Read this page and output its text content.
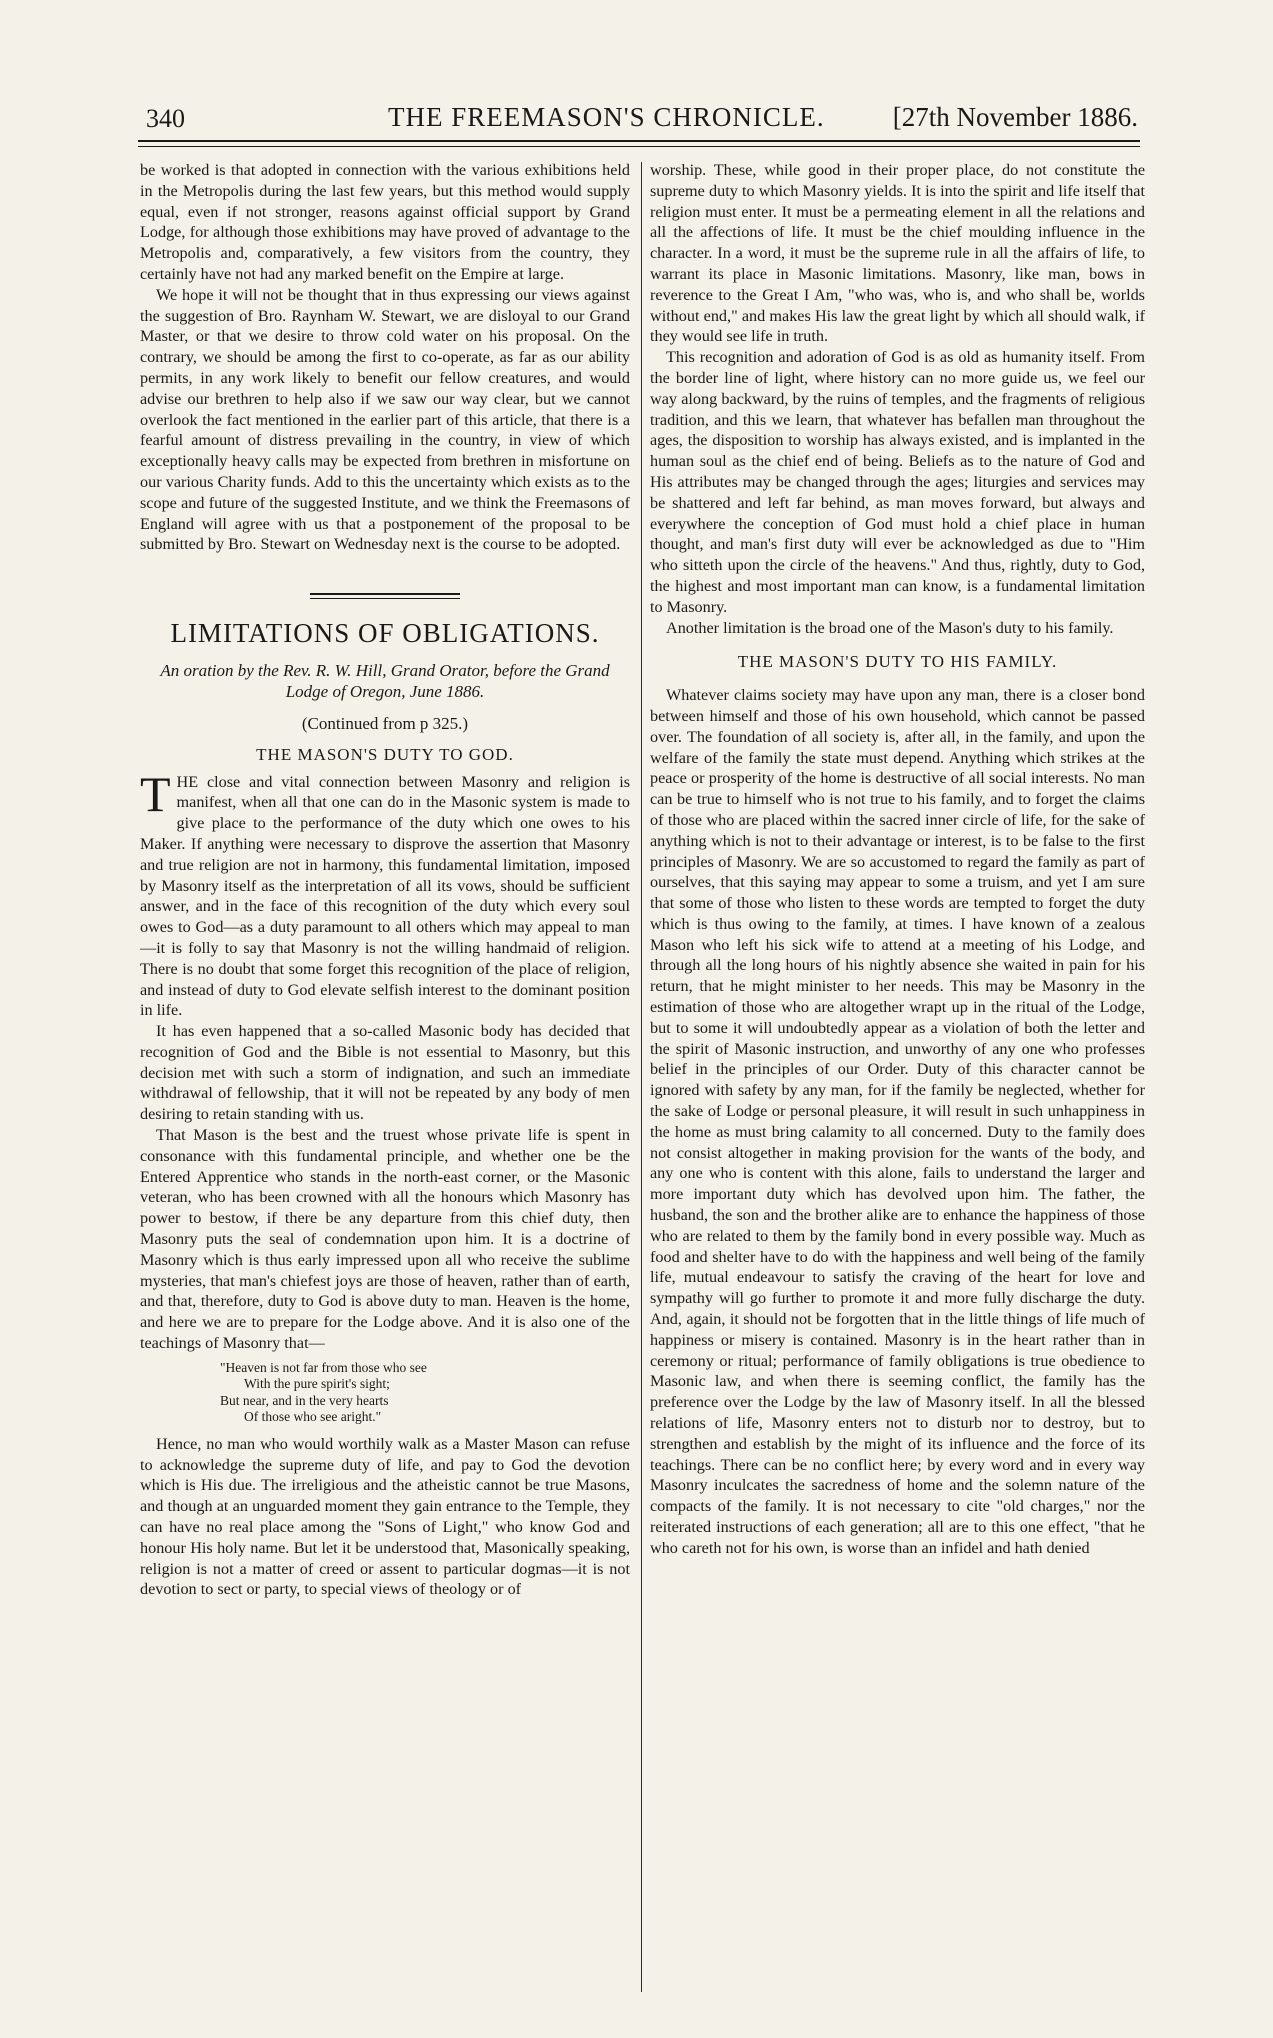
340	THE FREEMASON'S CHRONICLE.	[27th November 1886.

be worked is that adopted in connection with the various exhibitions held in the Metropolis during the last few years, but this method would supply equal, even if not stronger, reasons against official support by Grand Lodge, for although those exhibitions may have proved of advantage to the Metropolis and, comparatively, a few visitors from the country, they certainly have not had any marked benefit on the Empire at large.

We hope it will not be thought that in thus expressing our views against the suggestion of Bro. Raynham W. Stewart, we are disloyal to our Grand Master, or that we desire to throw cold water on his proposal. On the contrary, we should be among the first to co-operate, as far as our ability permits, in any work likely to benefit our fellow creatures, and would advise our brethren to help also if we saw our way clear, but we cannot overlook the fact mentioned in the earlier part of this article, that there is a fearful amount of distress prevailing in the country, in view of which exceptionally heavy calls may be expected from brethren in misfortune on our various Charity funds. Add to this the uncertainty which exists as to the scope and future of the suggested Institute, and we think the Freemasons of England will agree with us that a postponement of the proposal to be submitted by Bro. Stewart on Wednesday next is the course to be adopted.

LIMITATIONS OF OBLIGATIONS.
An oration by the Rev. R. W. Hill, Grand Orator, before the Grand Lodge of Oregon, June 1886.
(Continued from p 325.)
THE MASON'S DUTY TO GOD.

THE close and vital connection between Masonry and religion is manifest, when all that one can do in the Masonic system is made to give place to the performance of the duty which one owes to his Maker. If anything were necessary to disprove the assertion that Masonry and true religion are not in harmony, this fundamental limitation, imposed by Masonry itself as the interpretation of all its vows, should be sufficient answer, and in the face of this recognition of the duty which every soul owes to God—as a duty paramount to all others which may appeal to man—it is folly to say that Masonry is not the willing handmaid of religion. There is no doubt that some forget this recognition of the place of religion, and instead of duty to God elevate selfish interest to the dominant position in life.

It has even happened that a so-called Masonic body has decided that recognition of God and the Bible is not essential to Masonry, but this decision met with such a storm of indignation, and such an immediate withdrawal of fellowship, that it will not be repeated by any body of men desiring to retain standing with us.

That Mason is the best and the truest whose private life is spent in consonance with this fundamental principle, and whether one be the Entered Apprentice who stands in the north-east corner, or the Masonic veteran, who has been crowned with all the honours which Masonry has power to bestow, if there be any departure from this chief duty, then Masonry puts the seal of condemnation upon him. It is a doctrine of Masonry which is thus early impressed upon all who receive the sublime mysteries, that man's chiefest joys are those of heaven, rather than of earth, and that, therefore, duty to God is above duty to man. Heaven is the home, and here we are to prepare for the Lodge above. And it is also one of the teachings of Masonry that—

"Heaven is not far from those who see
With the pure spirit's sight;
But near, and in the very hearts
Of those who see aright."

Hence, no man who would worthily walk as a Master Mason can refuse to acknowledge the supreme duty of life, and pay to God the devotion which is His due. The irreligious and the atheistic cannot be true Masons, and though at an unguarded moment they gain entrance to the Temple, they can have no real place among the "Sons of Light," who know God and honour His holy name. But let it be understood that, Masonically speaking, religion is not a matter of creed or assent to particular dogmas—it is not devotion to sect or party, to special views of theology or of

worship. These, while good in their proper place, do not constitute the supreme duty to which Masonry yields. It is into the spirit and life itself that religion must enter. It must be a permeating element in all the relations and all the affections of life. It must be the chief moulding influence in the character. In a word, it must be the supreme rule in all the affairs of life, to warrant its place in Masonic limitations. Masonry, like man, bows in reverence to the Great I Am, "who was, who is, and who shall be, worlds without end," and makes His law the great light by which all should walk, if they would see life in truth.

This recognition and adoration of God is as old as humanity itself. From the border line of light, where history can no more guide us, we feel our way along backward, by the ruins of temples, and the fragments of religious tradition, and this we learn, that whatever has befallen man throughout the ages, the disposition to worship has always existed, and is implanted in the human soul as the chief end of being. Beliefs as to the nature of God and His attributes may be changed through the ages; liturgies and services may be shattered and left far behind, as man moves forward, but always and everywhere the conception of God must hold a chief place in human thought, and man's first duty will ever be acknowledged as due to "Him who sitteth upon the circle of the heavens." And thus, rightly, duty to God, the highest and most important man can know, is a fundamental limitation to Masonry.

Another limitation is the broad one of the Mason's duty to his family.

THE MASON'S DUTY TO HIS FAMILY.

Whatever claims society may have upon any man, there is a closer bond between himself and those of his own household, which cannot be passed over. The foundation of all society is, after all, in the family, and upon the welfare of the family the state must depend. Anything which strikes at the peace or prosperity of the home is destructive of all social interests. No man can be true to himself who is not true to his family, and to forget the claims of those who are placed within the sacred inner circle of life, for the sake of anything which is not to their advantage or interest, is to be false to the first principles of Masonry. We are so accustomed to regard the family as part of ourselves, that this saying may appear to some a truism, and yet I am sure that some of those who listen to these words are tempted to forget the duty which is thus owing to the family, at times. I have known of a zealous Mason who left his sick wife to attend at a meeting of his Lodge, and through all the long hours of his nightly absence she waited in pain for his return, that he might minister to her needs. This may be Masonry in the estimation of those who are altogether wrapt up in the ritual of the Lodge, but to some it will undoubtedly appear as a violation of both the letter and the spirit of Masonic instruction, and unworthy of any one who professes belief in the principles of our Order. Duty of this character cannot be ignored with safety by any man, for if the family be neglected, whether for the sake of Lodge or personal pleasure, it will result in such unhappiness in the home as must bring calamity to all concerned. Duty to the family does not consist altogether in making provision for the wants of the body, and any one who is content with this alone, fails to understand the larger and more important duty which has devolved upon him. The father, the husband, the son and the brother alike are to enhance the happiness of those who are related to them by the family bond in every possible way. Much as food and shelter have to do with the happiness and well being of the family life, mutual endeavour to satisfy the craving of the heart for love and sympathy will go further to promote it and more fully discharge the duty. And, again, it should not be forgotten that in the little things of life much of happiness or misery is contained. Masonry is in the heart rather than in ceremony or ritual; performance of family obligations is true obedience to Masonic law, and when there is seeming conflict, the family has the preference over the Lodge by the law of Masonry itself. In all the blessed relations of life, Masonry enters not to disturb nor to destroy, but to strengthen and establish by the might of its influence and the force of its teachings. There can be no conflict here; by every word and in every way Masonry inculcates the sacredness of home and the solemn nature of the compacts of the family. It is not necessary to cite "old charges," nor the reiterated instructions of each generation; all are to this one effect, "that he who careth not for his own, is worse than an infidel and hath denied
